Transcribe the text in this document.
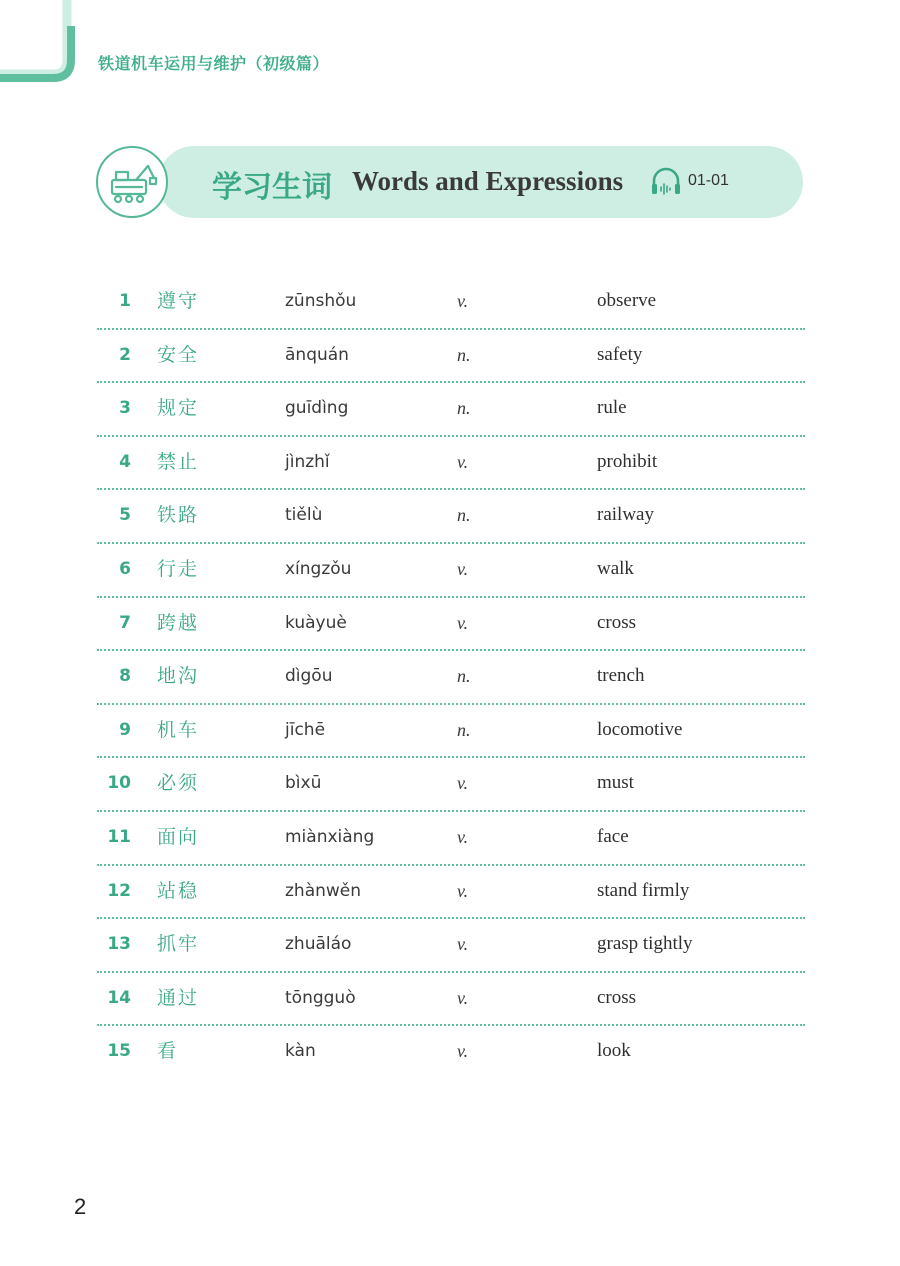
铁道机车运用与维护（初级篇）
学习生词 Words and Expressions	01-01
1 遵守	zūnshǒu	v.	observe
2 安全	ānquán	n.	safety
3 规定	guīdìng	n.	rule
4 禁止	jìnzhǐ	v.	prohibit
5 铁路	tiělù	n.	railway
6 行走	xíngzǒu	v.	walk
7 跨越	kuàyuè	v.	cross
8 地沟	dìgōu	n.	trench
9 机车	jīchē	n.	locomotive
10 必须	bìxū	v.	must
11 面向	miànxiàng	v.	face
12 站稳	zhànwěn	v.	stand firmly
13 抓牢	zhuāláo	v.	grasp tightly
14 通过	tōngguò	v.	cross
15 看	kàn	v.	look
2
